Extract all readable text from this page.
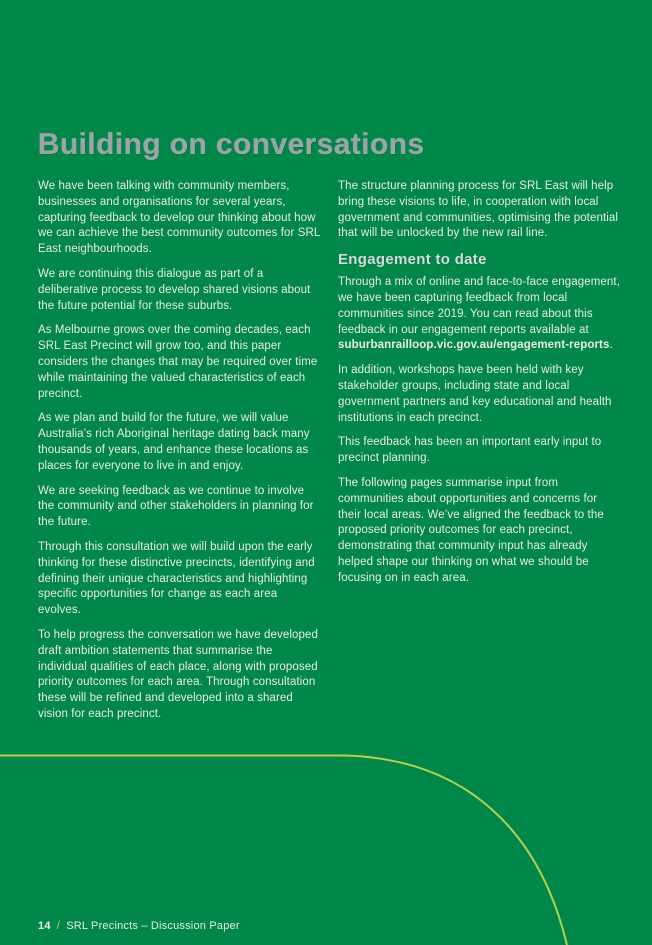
Building on conversations

We have been talking with community members, businesses and organisations for several years, capturing feedback to develop our thinking about how we can achieve the best community outcomes for SRL East neighbourhoods.

We are continuing this dialogue as part of a deliberative process to develop shared visions about the future potential for these suburbs.

As Melbourne grows over the coming decades, each SRL East Precinct will grow too, and this paper considers the changes that may be required over time while maintaining the valued characteristics of each precinct.

As we plan and build for the future, we will value Australia’s rich Aboriginal heritage dating back many thousands of years, and enhance these locations as places for everyone to live in and enjoy.

We are seeking feedback as we continue to involve the community and other stakeholders in planning for the future.

Through this consultation we will build upon the early thinking for these distinctive precincts, identifying and defining their unique characteristics and highlighting specific opportunities for change as each area evolves.

To help progress the conversation we have developed draft ambition statements that summarise the individual qualities of each place, along with proposed priority outcomes for each area. Through consultation these will be refined and developed into a shared vision for each precinct.

The structure planning process for SRL East will help bring these visions to life, in cooperation with local government and communities, optimising the potential that will be unlocked by the new rail line.

Engagement to date

Through a mix of online and face-to-face engagement, we have been capturing feedback from local communities since 2019. You can read about this feedback in our engagement reports available at suburbanrailloop.vic.gov.au/engagement-reports.

In addition, workshops have been held with key stakeholder groups, including state and local government partners and key educational and health institutions in each precinct.

This feedback has been an important early input to precinct planning.

The following pages summarise input from communities about opportunities and concerns for their local areas. We’ve aligned the feedback to the proposed priority outcomes for each precinct, demonstrating that community input has already helped shape our thinking on what we should be focusing on in each area.

14 / SRL Precincts – Discussion Paper
